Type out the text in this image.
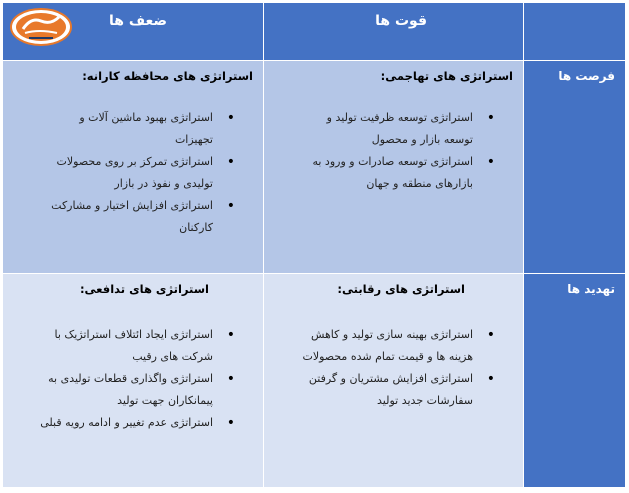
قوت ها
ضعف ها
فرصت ها
استراتژی های تهاجمی:
• استراتژی توسعه ظرفیت تولید و توسعه بازار و محصول
• استراتژی توسعه صادرات و ورود به بازارهای منطقه و جهان
استراتژی های محافظه کارانه:
• استراتژی بهبود ماشین آلات و تجهیزات
• استراتژی تمرکز بر روی محصولات تولیدی و نفوذ در بازار
• استراتژی افزایش اختیار و مشارکت کارکنان
تهدید ها
استراتژی های رقابتی:
• استراتژی بهینه سازی تولید و کاهش هزینه ها و قیمت تمام شده محصولات
• استراتژی افزایش مشتریان و گرفتن سفارشات جدید تولید
استراتژی های تدافعی:
• استراتژی ایجاد ائتلاف استراتژیک با شرکت های رقیب
• استراتژی واگذاری قطعات تولیدی به پیمانکاران جهت تولید
• استراتژی عدم تغییر و ادامه رویه قبلی
